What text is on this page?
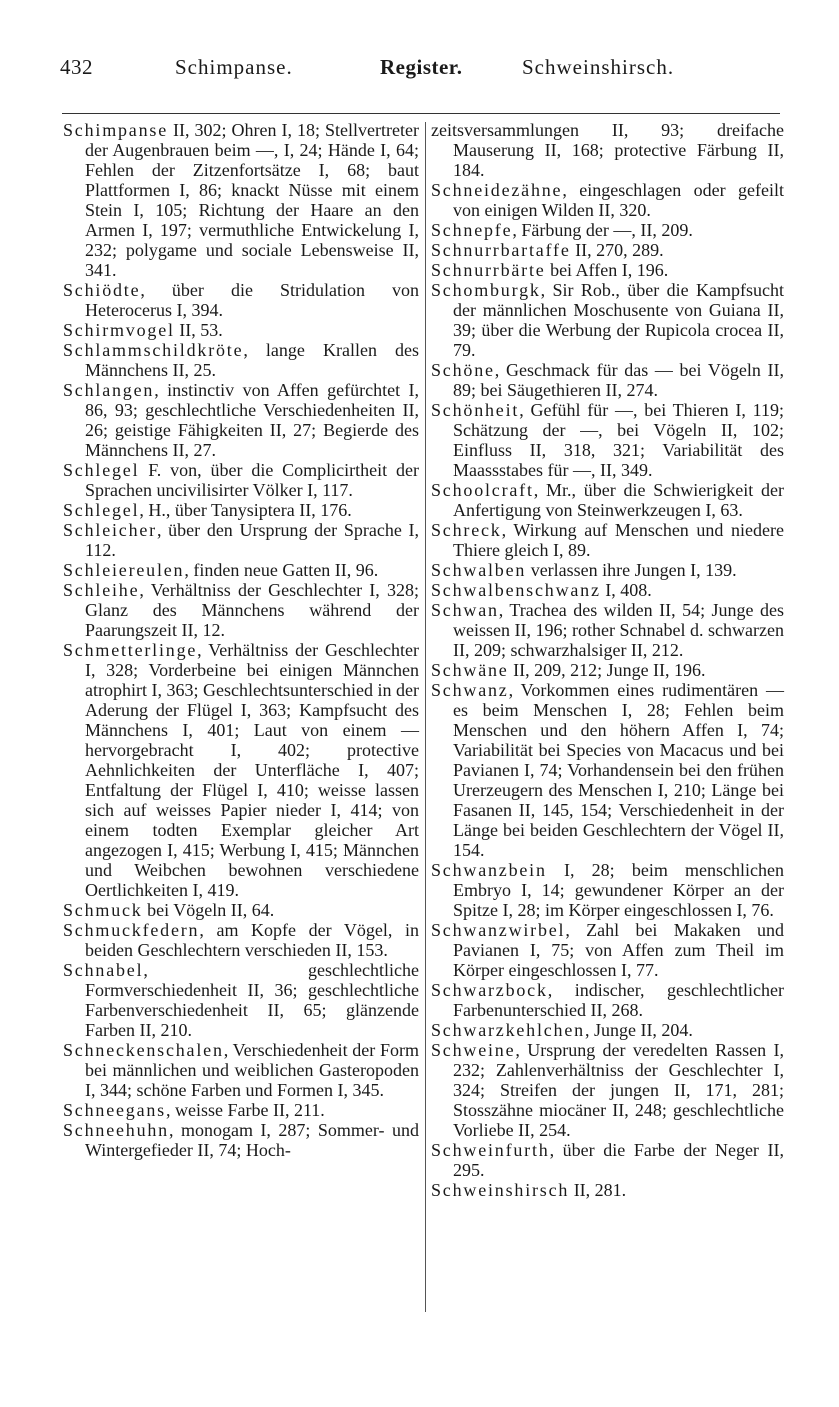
432	Schimpanse.	Register.	Schweinshirsch.

Schimpanse II, 302; Ohren I, 18; Stellvertreter der Augenbrauen beim —, I, 24; Hände I, 64; Fehlen der Zitzenfortsätze I, 68; baut Plattformen I, 86; knackt Nüsse mit einem Stein I, 105; Richtung der Haare an den Armen I, 197; vermuthliche Entwickelung I, 232; polygame und sociale Lebensweise II, 341.

Schiödte, über die Stridulation von Heterocerus I, 394.

Schirmvogel II, 53.

Schlammschildkröte, lange Krallen des Männchens II, 25.

Schlangen, instinctiv von Affen gefürchtet I, 86, 93; geschlechtliche Verschiedenheiten II, 26; geistige Fähigkeiten II, 27; Begierde des Männchens II, 27.

Schlegel F. von, über die Complicirtheit der Sprachen uncivilisirter Völker I, 117.

Schlegel, H., über Tanysiptera II, 176.

Schleicher, über den Ursprung der Sprache I, 112.

Schleiereulen, finden neue Gatten II, 96.

Schleihe, Verhältniss der Geschlechter I, 328; Glanz des Männchens während der Paarungszeit II, 12.

Schmetterlinge, Verhältniss der Geschlechter I, 328; Vorderbeine bei einigen Männchen atrophirt I, 363; Geschlechtsunterschied in der Aderung der Flügel I, 363; Kampfsucht des Männchens I, 401; Laut von einem — hervorgebracht I, 402; protective Aehnlichkeiten der Unterfläche I, 407; Entfaltung der Flügel I, 410; weisse lassen sich auf weisses Papier nieder I, 414; von einem todten Exemplar gleicher Art angezogen I, 415; Werbung I, 415; Männchen und Weibchen bewohnen verschiedene Oertlichkeiten I, 419.

Schmuck bei Vögeln II, 64.

Schmuckfedern, am Kopfe der Vögel, in beiden Geschlechtern verschieden II, 153.

Schnabel, geschlechtliche Formverschiedenheit II, 36; geschlechtliche Farbenverschiedenheit II, 65; glänzende Farben II, 210.

Schneckenschalen, Verschiedenheit der Form bei männlichen und weiblichen Gasteropoden I, 344; schöne Farben und Formen I, 345.

Schneegans, weisse Farbe II, 211.

Schneehuhn, monogam I, 287; Sommer- und Wintergefieder II, 74; Hoch-

zeitsversammlungen II, 93; dreifache Mauserung II, 168; protective Färbung II, 184.

Schneidezähne, eingeschlagen oder gefeilt von einigen Wilden II, 320.

Schnepfe, Färbung der —, II, 209.

Schnurrbartaffe II, 270, 289.

Schnurrbärte bei Affen I, 196.

Schomburgk, Sir Rob., über die Kampfsucht der männlichen Moschusente von Guiana II, 39; über die Werbung der Rupicola crocea II, 79.

Schöne, Geschmack für das — bei Vögeln II, 89; bei Säugethieren II, 274.

Schönheit, Gefühl für —, bei Thieren I, 119; Schätzung der —, bei Vögeln II, 102; Einfluss II, 318, 321; Variabilität des Maassstabes für —, II, 349.

Schoolcraft, Mr., über die Schwierigkeit der Anfertigung von Steinwerkzeugen I, 63.

Schreck, Wirkung auf Menschen und niedere Thiere gleich I, 89.

Schwalben verlassen ihre Jungen I, 139.

Schwalbenschwanz I, 408.

Schwan, Trachea des wilden II, 54; Junge des weissen II, 196; rother Schnabel d. schwarzen II, 209; schwarzhalsiger II, 212.

Schwäne II, 209, 212; Junge II, 196.

Schwanz, Vorkommen eines rudimentären —es beim Menschen I, 28; Fehlen beim Menschen und den höhern Affen I, 74; Variabilität bei Species von Macacus und bei Pavianen I, 74; Vorhandensein bei den frühen Urerzeugern des Menschen I, 210; Länge bei Fasanen II, 145, 154; Verschiedenheit in der Länge bei beiden Geschlechtern der Vögel II, 154.

Schwanzbein I, 28; beim menschlichen Embryo I, 14; gewundener Körper an der Spitze I, 28; im Körper eingeschlossen I, 76.

Schwanzwirbel, Zahl bei Makaken und Pavianen I, 75; von Affen zum Theil im Körper eingeschlossen I, 77.

Schwarzbock, indischer, geschlechtlicher Farbenunterschied II, 268.

Schwarzkehlchen, Junge II, 204.

Schweine, Ursprung der veredelten Rassen I, 232; Zahlenverhältniss der Geschlechter I, 324; Streifen der jungen II, 171, 281; Stosszähne miocäner II, 248; geschlechtliche Vorliebe II, 254.

Schweinfurth, über die Farbe der Neger II, 295.

Schweinshirsch II, 281.
